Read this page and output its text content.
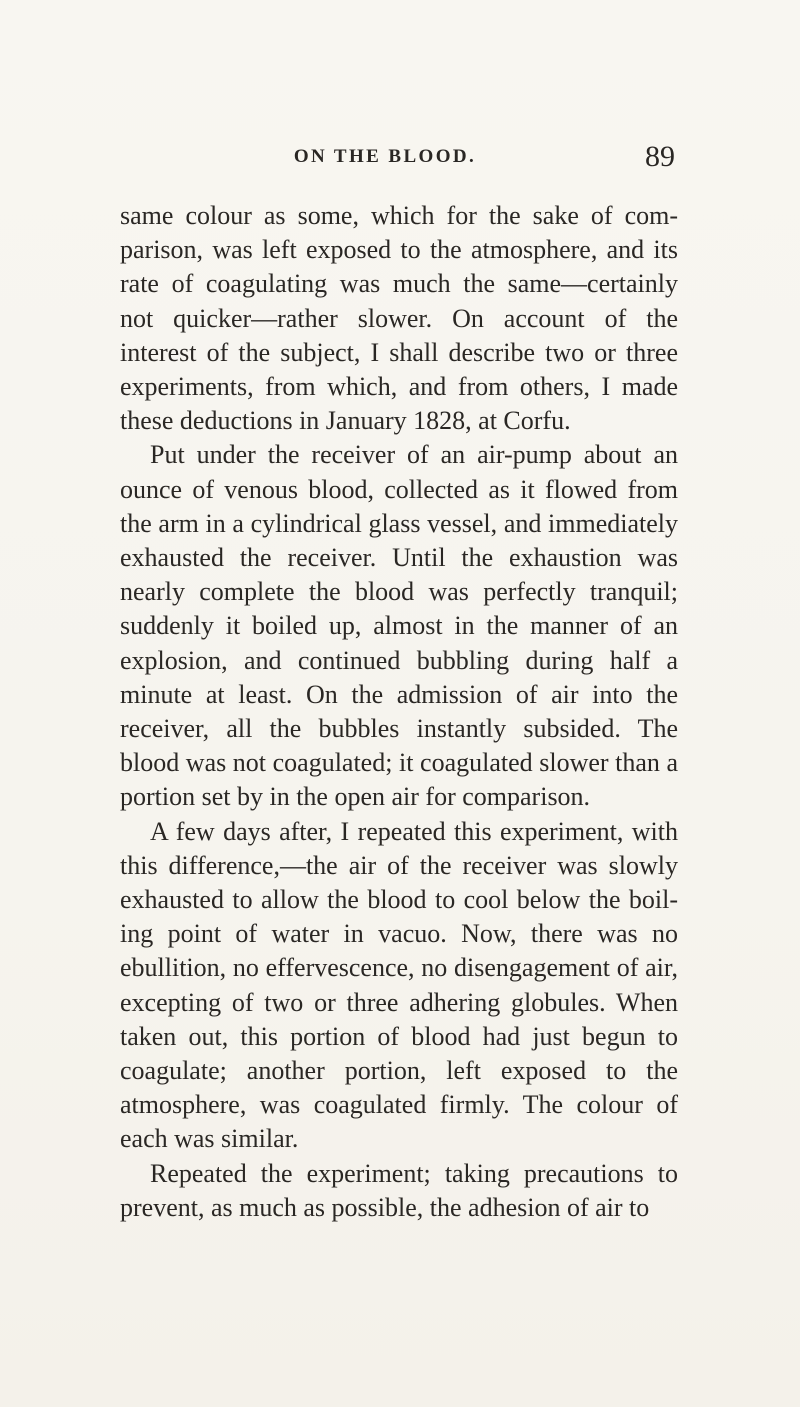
ON THE BLOOD.	89

same colour as some, which for the sake of com-parison, was left exposed to the atmosphere, and its rate of coagulating was much the same—certainly not quicker—rather slower. On account of the interest of the subject, I shall describe two or three experiments, from which, and from others, I made these deductions in January 1828, at Corfu.

Put under the receiver of an air-pump about an ounce of venous blood, collected as it flowed from the arm in a cylindrical glass vessel, and immediately exhausted the receiver. Until the exhaustion was nearly complete the blood was perfectly tranquil; suddenly it boiled up, almost in the manner of an explosion, and continued bubbling during half a minute at least. On the admission of air into the receiver, all the bubbles instantly subsided. The blood was not coagulated; it coagulated slower than a portion set by in the open air for comparison.

A few days after, I repeated this experiment, with this difference,—the air of the receiver was slowly exhausted to allow the blood to cool below the boil-ing point of water in vacuo. Now, there was no ebullition, no effervescence, no disengagement of air, excepting of two or three adhering globules. When taken out, this portion of blood had just begun to coagulate; another portion, left exposed to the atmosphere, was coagulated firmly. The colour of each was similar.

Repeated the experiment; taking precautions to prevent, as much as possible, the adhesion of air to
